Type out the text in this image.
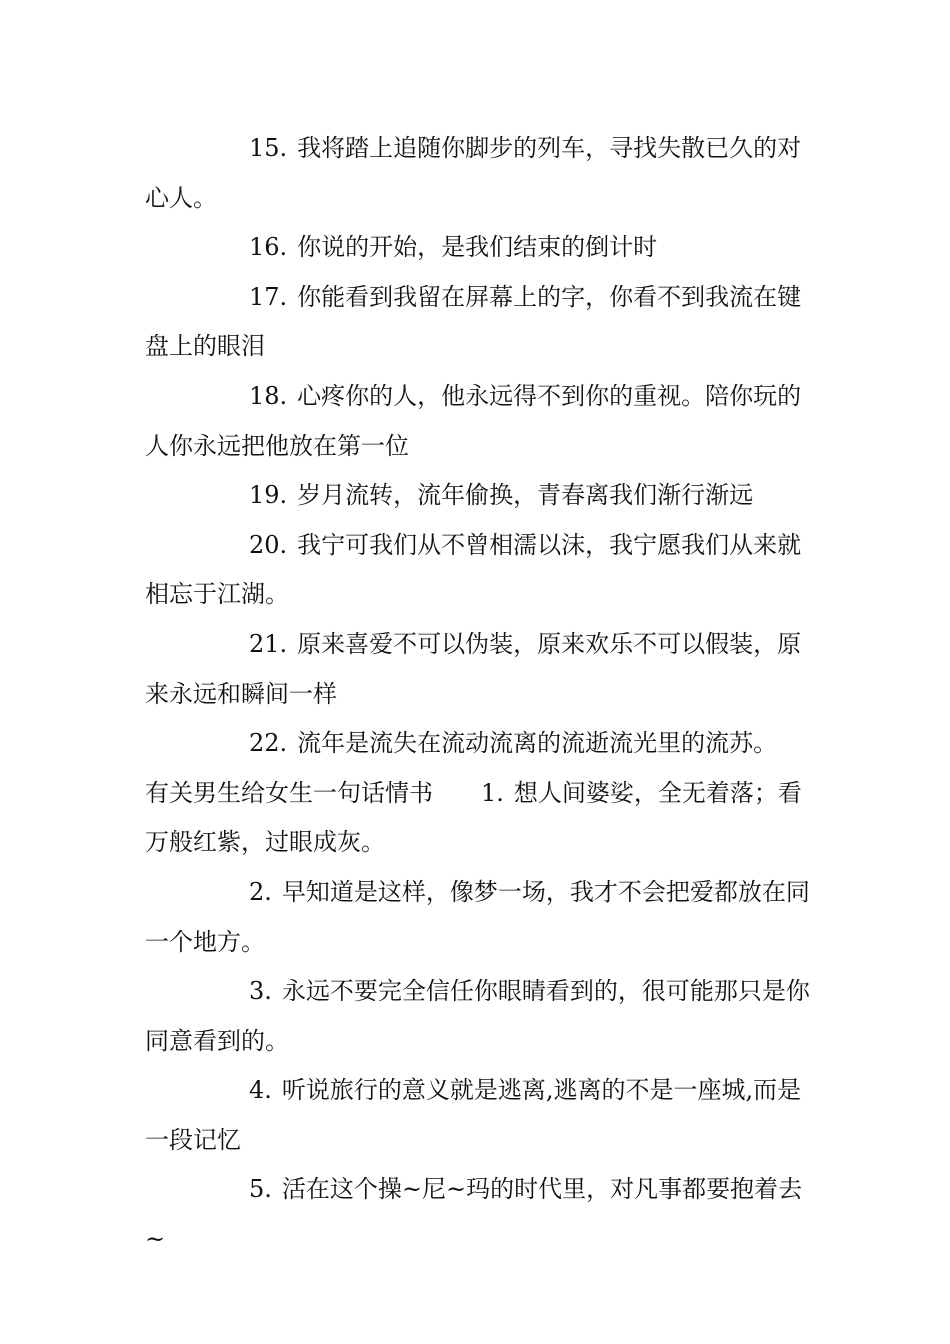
15. 我将踏上追随你脚步的列车，寻找失散已久的对心人。

16. 你说的开始，是我们结束的倒计时

17. 你能看到我留在屏幕上的字，你看不到我流在键盘上的眼泪

18. 心疼你的人，他永远得不到你的重视。陪你玩的人你永远把他放在第一位

19. 岁月流转，流年偷换，青春离我们渐行渐远

20. 我宁可我们从不曾相濡以沫，我宁愿我们从来就相忘于江湖。

21. 原来喜爱不可以伪装，原来欢乐不可以假装，原来永远和瞬间一样

22. 流年是流失在流动流离的流逝流光里的流苏。

有关男生给女生一句话情书 1. 想人间婆娑，全无着落；看万般红紫，过眼成灰。

2. 早知道是这样，像梦一场，我才不会把爱都放在同一个地方。

3. 永远不要完全信任你眼睛看到的，很可能那只是你同意看到的。

4. 听说旅行的意义就是逃离,逃离的不是一座城,而是一段记忆

5. 活在这个操~尼~玛的时代里，对凡事都要抱着去~
